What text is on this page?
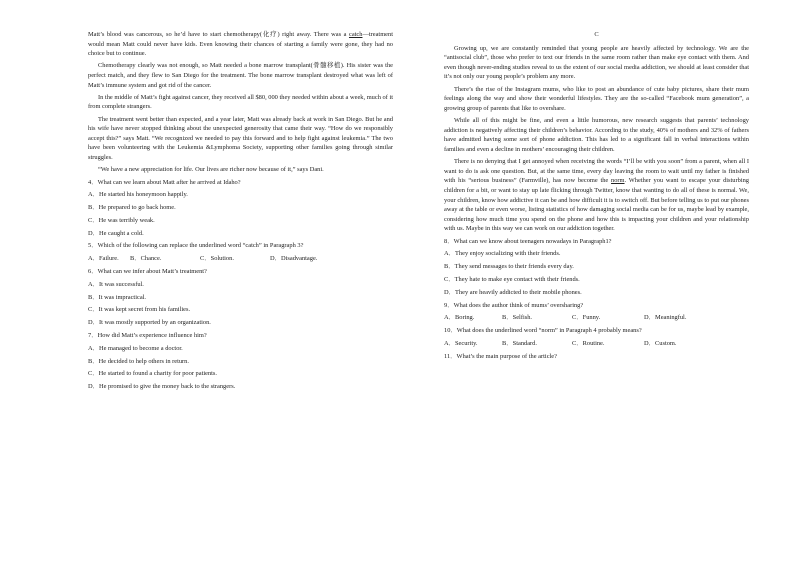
Matt’s blood was cancerous, so he’d have to start chemotherapy(化疗) right away. There was a catch—treatment would mean Matt could never have kids. Even knowing their chances of starting a family were gone, they had no choice but to continue.

Chemotherapy clearly was not enough, so Matt needed a bone marrow transplant(骨髓移植). His sister was the perfect match, and they flew to San Diego for the treatment. The bone marrow transplant destroyed what was left of Matt’s immune system and got rid of the cancer.

In the middle of Matt’s fight against cancer, they received all $80, 000 they needed within about a week, much of it from complete strangers.

The treatment went better than expected, and a year later, Matt was already back at work in San Diego. But he and his wife have never stopped thinking about the unexpected generosity that came their way. “How do we responsibly accept this?” says Matt. “We recognized we needed to pay this forward and to help fight against leukemia.” The two have been volunteering with the Leukemia &Lymphoma Society, supporting other families going through similar struggles.

“We have a new appreciation for life. Our lives are richer now because of it,” says Dani.

4．What can we learn about Matt after he arrived at Idaho?
A．He started his honeymoon happily.
B．He prepared to go back home.
C．He was terribly weak.
D．He caught a cold.
5．Which of the following can replace the underlined word “catch” in Paragraph 3?
A．Failure.	B．Chance.	C．Solution.	D．Disadvantage.
6．What can we infer about Matt’s treatment?
A．It was successful.
B．It was impractical.
C．It was kept secret from his families.
D．It was mostly supported by an organization.
7．How did Matt’s experience influence him?
A．He managed to become a doctor.
B．He decided to help others in return.
C．He started to found a charity for poor patients.
D．He promised to give the money back to the strangers.
C

Growing up, we are constantly reminded that young people are heavily affected by technology. We are the “antisocial club”, those who prefer to text our friends in the same room rather than make eye contact with them. And even though never-ending studies reveal to us the extent of our social media addiction, we should at least consider that it’s not only our young people’s problem any more.

There’s the rise of the Instagram mums, who like to post an abundance of cute baby pictures, share their mum feelings along the way and show their wonderful lifestyles. They are the so-called “Facebook mum generation”, a growing group of parents that like to overshare.

While all of this might be fine, and even a little humorous, new research suggests that parents’ technology addiction is negatively affecting their children’s behavior. According to the study, 40% of mothers and 32% of fathers have admitted having some sort of phone addiction. This has led to a significant fall in verbal interactions within families and even a decline in mothers’ encouraging their children.

There is no denying that I get annoyed when receiving the words “I’ll be with you soon” from a parent, when all I want to do is ask one question. But, at the same time, every day leaving the room to wait until my father is finished with his “serious business” (Farmville), has now become the norm. Whether you want to escape your disturbing children for a bit, or want to stay up late flicking through Twitter, know that wanting to do all of these is normal. We, your children, know how addictive it can be and how difficult it is to switch off. But before telling us to put our phones away at the table or even worse, listing statistics of how damaging social media can be for us, maybe lead by example, considering how much time you spend on the phone and how this is impacting your children and your relationship with us. Maybe in this way we can work on our addiction together.

8．What can we know about teenagers nowadays in Paragraph1?
A．They enjoy socializing with their friends.
B．They send messages to their friends every day.
C．They hate to make eye contact with their friends.
D．They are heavily addicted to their mobile phones.
9．What does the author think of mums’ oversharing?
A．Boring.	B．Selfish.	C．Funny.	D．Meaningful.
10．What does the underlined word “norm” in Paragraph 4 probably means?
A．Security.	B．Standard.	C．Routine.	D．Custom.
11．What’s the main purpose of the article?
